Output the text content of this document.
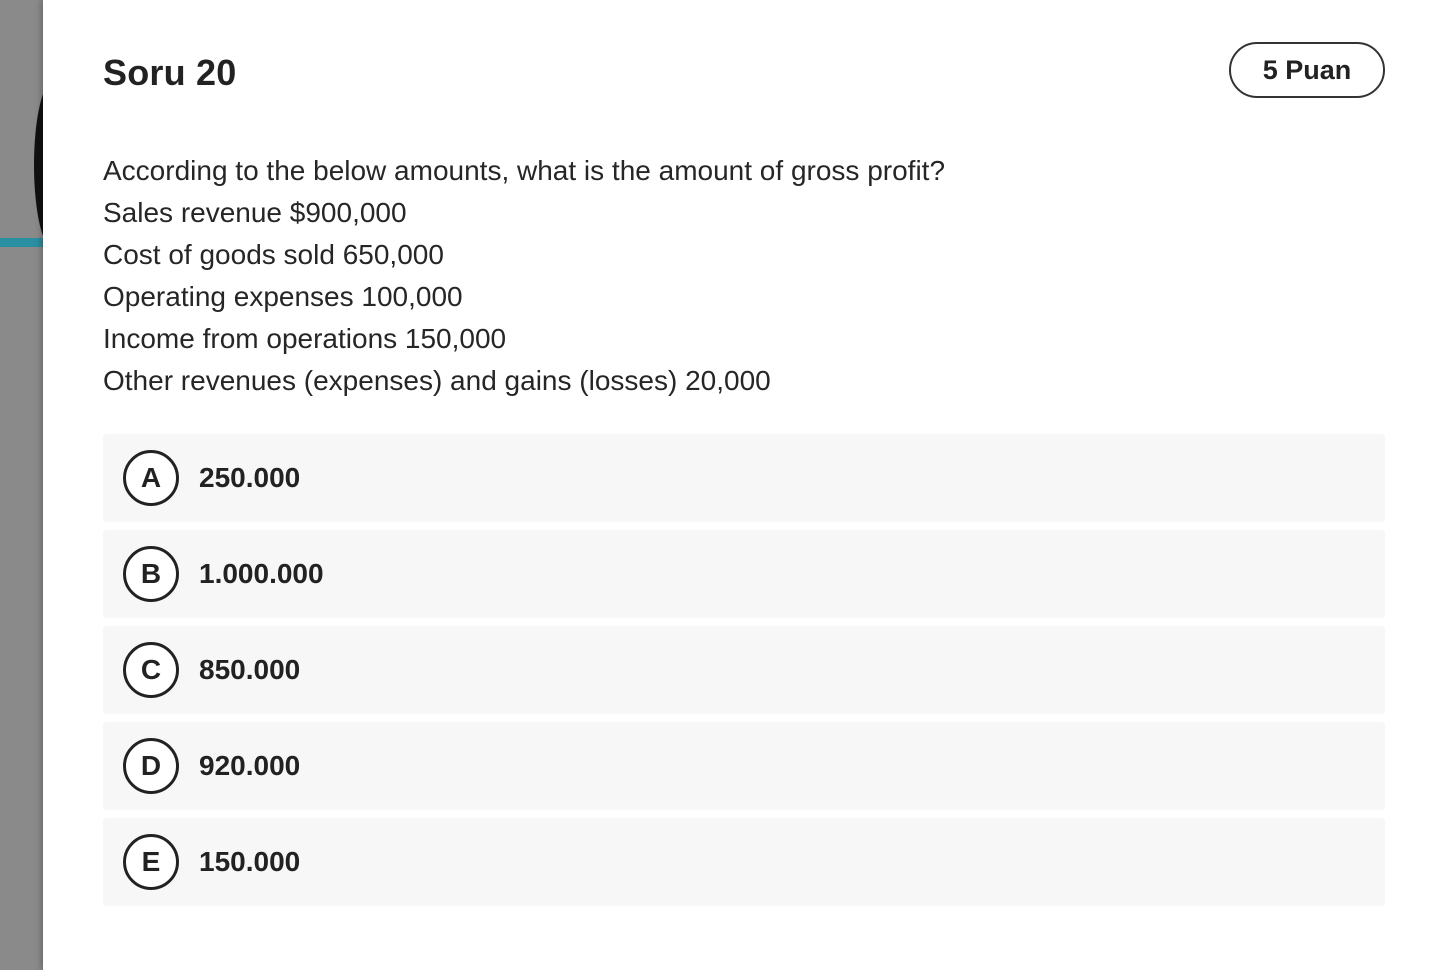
Soru 20	5 Puan
According to the below amounts, what is the amount of gross profit?
Sales revenue $900,000
Cost of goods sold 650,000
Operating expenses 100,000
Income from operations 150,000
Other revenues (expenses) and gains (losses) 20,000
A	250.000
B	1.000.000
C	850.000
D	920.000
E	150.000
